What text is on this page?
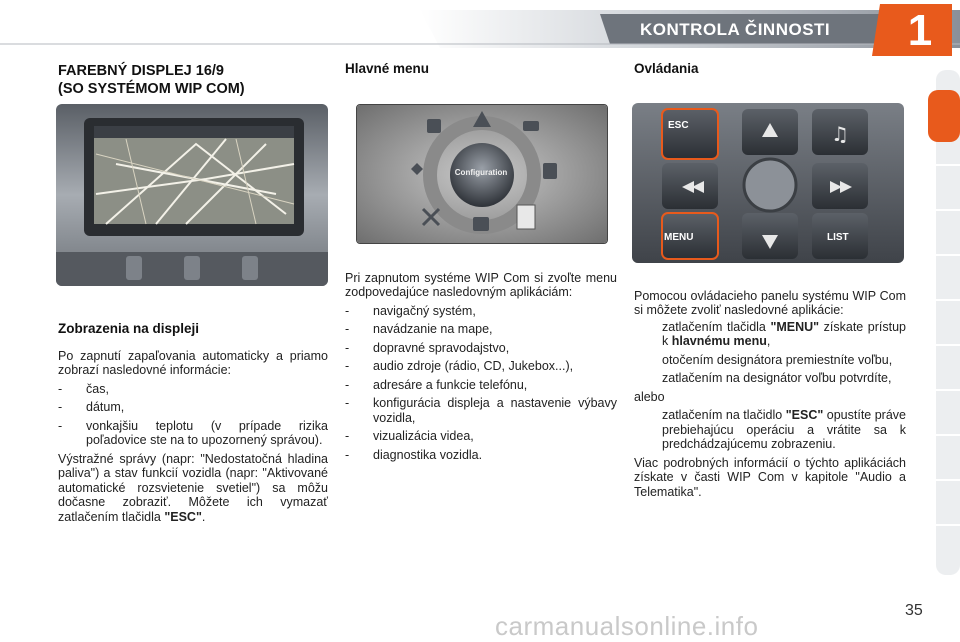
KONTROLA ČINNOSTI 1
FAREBNÝ DISPLEJ 16/9
(SO SYSTÉMOM WIP COM)
Zobrazenia na displeji

Po zapnutí zapaľovania automaticky a priamo zobrazí nasledovné informácie:

-	čas,
-	dátum,
-	vonkajšiu teplotu (v prípade rizika poľadovice ste na to upozornený správou).

Výstražné správy (napr: "Nedostatočná hladina paliva") a stav funkcií vozidla (napr: "Aktivované automatické rozsvietenie svetiel") sa môžu dočasne zobraziť. Môžete ich vymazať zatlačením tlačidla "ESC".

Hlavné menu

Pri zapnutom systéme WIP Com si zvoľte menu zodpovedajúce nasledovným aplikáciám:

-	navigačný systém,
-	navádzanie na mape,
-	dopravné spravodajstvo,
-	audio zdroje (rádio, CD, Jukebox...),
-	adresáre a funkcie telefónu,
-	konfigurácia displeja a nastavenie výbavy vozidla,
-	vizualizácia videa,
-	diagnostika vozidla.
Configuration
Ovládania

Pomocou ovládacieho panelu systému WIP Com si môžete zvoliť nasledovné aplikácie:

zatlačením tlačidla "MENU" získate prístup k hlavnému menu,
otočením designátora premiestníte voľbu,
zatlačením na designátor voľbu potvrdíte,

alebo

zatlačením na tlačidlo "ESC" opustíte práve prebiehajúcu operáciu a vrátite sa k predchádzajúcemu zobrazeniu.

Viac podrobných informácií o týchto aplikáciách získate v časti WIP Com v kapitole "Audio a Telematika".

♫
ESC
MENU	LIST
35
carmanualsonline.info
